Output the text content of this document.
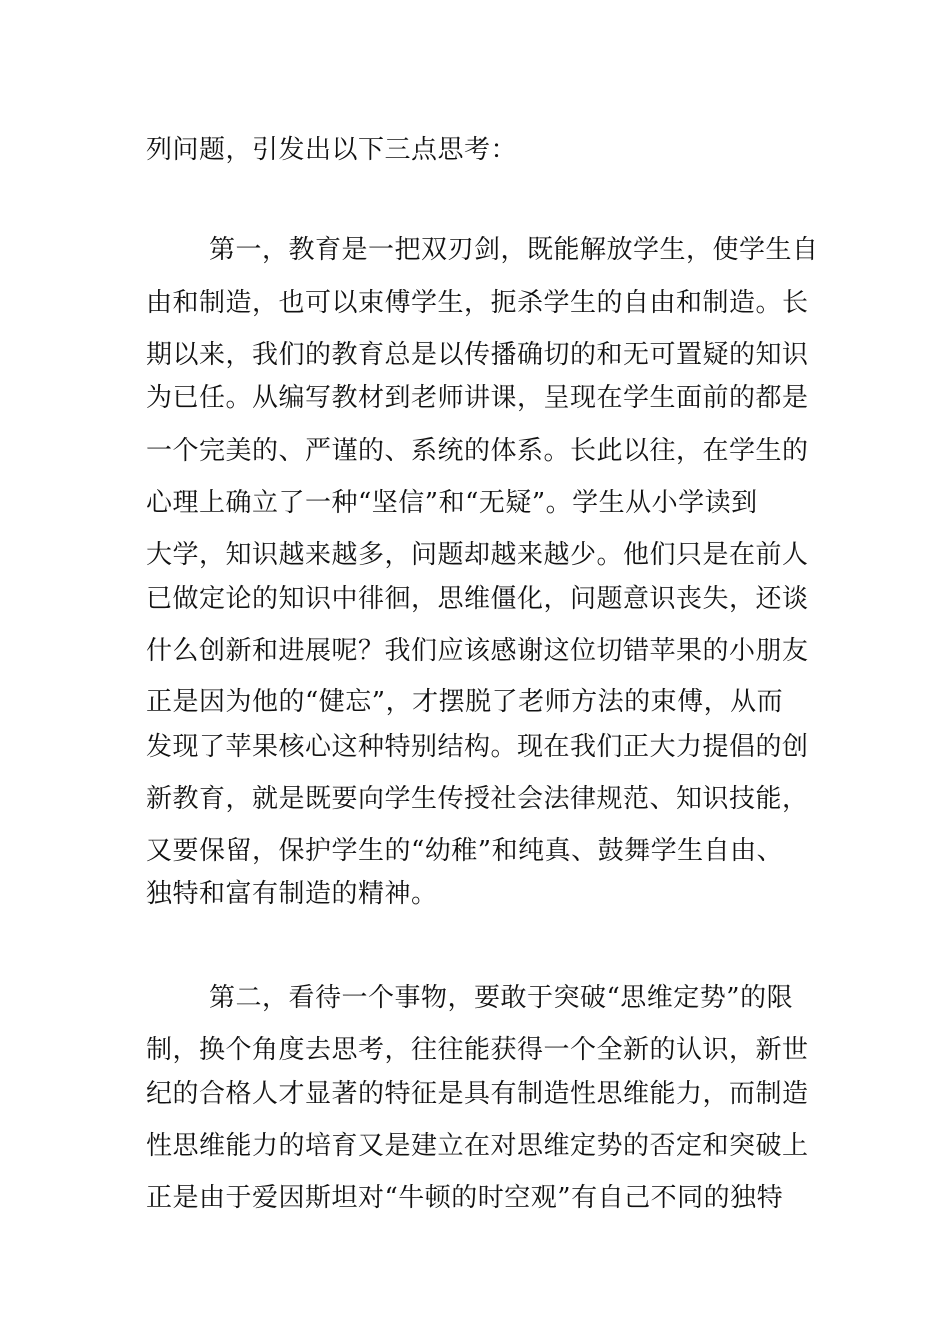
列问题，引发出以下三点思考：
第一，教育是一把双刃剑，既能解放学生，使学生自
由和制造，也可以束傅学生，扼杀学生的自由和制造。长
期以来，我们的教育总是以传播确切的和无可置疑的知识
为已任。从编写教材到老师讲课，呈现在学生面前的都是
一个完美的、严谨的、系统的体系。长此以往，在学生的
心理上确立了一种“坚信”和“无疑”。学生从小学读到
大学，知识越来越多，问题却越来越少。他们只是在前人
已做定论的知识中徘徊，思维僵化，问题意识丧失，还谈
什么创新和进展呢？我们应该感谢这位切错苹果的小朋友
正是因为他的“健忘”，才摆脱了老师方法的束傅，从而
发现了苹果核心这种特别结构。现在我们正大力提倡的创
新教育，就是既要向学生传授社会法律规范、知识技能，
又要保留，保护学生的“幼稚”和纯真、鼓舞学生自由、
独特和富有制造的精神。
第二，看待一个事物，要敢于突破“思维定势”的限
制，换个角度去思考，往往能获得一个全新的认识，新世
纪的合格人才显著的特征是具有制造性思维能力，而制造
性思维能力的培育又是建立在对思维定势的否定和突破上
正是由于爱因斯坦对“牛顿的时空观”有自己不同的独特
